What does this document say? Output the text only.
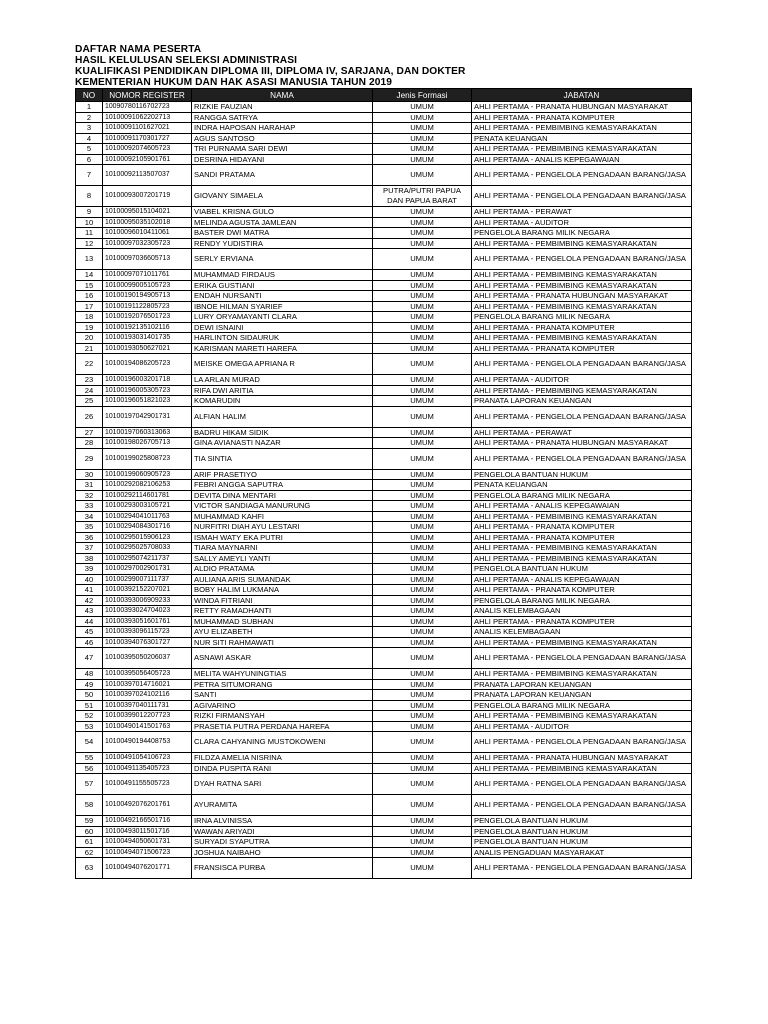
DAFTAR NAMA PESERTA
HASIL KELULUSAN SELEKSI ADMINISTRASI
KUALIFIKASI PENDIDIKAN DIPLOMA III, DIPLOMA IV, SARJANA, DAN DOKTER
KEMENTERIAN HUKUM DAN HAK ASASI MANUSIA TAHUN 2019
NO	NOMOR REGISTER	NAMA	Jenis Formasi	JABATAN
1	10090780116702723	RIZKIE FAUZIAN	UMUM	AHLI PERTAMA - PRANATA HUBUNGAN MASYARAKAT
2	10100091062202713	RANGGA SATRYA	UMUM	AHLI PERTAMA - PRANATA KOMPUTER
3	10100091101627021	INDRA HAPOSAN HARAHAP	UMUM	AHLI PERTAMA - PEMBIMBING KEMASYARAKATAN
4	10100091170301727	AGUS SANTOSO	UMUM	PENATA KEUANGAN
5	10100092074605723	TRI PURNAMA SARI DEWI	UMUM	AHLI PERTAMA - PEMBIMBING KEMASYARAKATAN
6	10100092105901761	DESRINA HIDAYANI	UMUM	AHLI PERTAMA - ANALIS KEPEGAWAIAN
7	10100092113507037	SANDI PRATAMA	UMUM	AHLI PERTAMA - PENGELOLA PENGADAAN BARANG/JASA
8	10100093007201719	GIOVANY SIMAELA	PUTRA/PUTRI PAPUA DAN PAPUA BARAT	AHLI PERTAMA - PENGELOLA PENGADAAN BARANG/JASA
9	10100095015104021	VIABEL KRISNA GULO	UMUM	AHLI PERTAMA - PERAWAT
10	10100095035102018	MELINDA AGUSTA JAMLEAN	UMUM	AHLI PERTAMA - AUDITOR
11	10100096010411061	BASTER DWI MATRA	UMUM	PENGELOLA BARANG MILIK NEGARA
12	10100097032305723	RENDY YUDISTIRA	UMUM	AHLI PERTAMA - PEMBIMBING KEMASYARAKATAN
13	10100097036605713	SERLY ERVIANA	UMUM	AHLI PERTAMA - PENGELOLA PENGADAAN BARANG/JASA
14	10100097071011761	MUHAMMAD FIRDAUS	UMUM	AHLI PERTAMA - PEMBIMBING KEMASYARAKATAN
15	10100099005105723	ERIKA GUSTIANI	UMUM	AHLI PERTAMA - PEMBIMBING KEMASYARAKATAN
16	10100190194905713	ENDAH NURSANTI	UMUM	AHLI PERTAMA - PRANATA HUBUNGAN MASYARAKAT
17	10100191122805723	IBNOE HILMAN SYARIEF	UMUM	AHLI PERTAMA - PEMBIMBING KEMASYARAKATAN
18	10100192076501723	LURY ORYAMAYANTI CLARA	UMUM	PENGELOLA BARANG MILIK NEGARA
19	10100192135102116	DEWI ISNAINI	UMUM	AHLI PERTAMA - PRANATA KOMPUTER
20	10100193031401735	HARLINTON SIDAURUK	UMUM	AHLI PERTAMA - PEMBIMBING KEMASYARAKATAN
21	10100193050627021	KARISMAN MARETI HAREFA	UMUM	AHLI PERTAMA - PRANATA KOMPUTER
22	10100194086205723	MEISKE OMEGA APRIANA R	UMUM	AHLI PERTAMA - PENGELOLA PENGADAAN BARANG/JASA
23	10100196003201718	LA ARLAN MURAD	UMUM	AHLI PERTAMA - AUDITOR
24	10100196005305723	RIFA DWI ARITIA	UMUM	AHLI PERTAMA - PEMBIMBING KEMASYARAKATAN
25	10100196051821023	KOMARUDIN	UMUM	PRANATA LAPORAN KEUANGAN
26	10100197042901731	ALFIAN HALIM	UMUM	AHLI PERTAMA - PENGELOLA PENGADAAN BARANG/JASA
27	10100197060313063	BADRU HIKAM SIDIK	UMUM	AHLI PERTAMA - PERAWAT
28	10100198026705713	GINA AVIANASTI NAZAR	UMUM	AHLI PERTAMA - PRANATA HUBUNGAN MASYARAKAT
29	10100199025808723	TIA SINTIA	UMUM	AHLI PERTAMA - PENGELOLA PENGADAAN BARANG/JASA
30	10100199060905723	ARIF PRASETIYO	UMUM	PENGELOLA BANTUAN HUKUM
31	10100292082106253	FEBRI ANGGA SAPUTRA	UMUM	PENATA KEUANGAN
32	10100292114601781	DEVITA DINA MENTARI	UMUM	PENGELOLA BARANG MILIK NEGARA
33	10100293003105721	VICTOR SANDIAGA MANURUNG	UMUM	AHLI PERTAMA - ANALIS KEPEGAWAIAN
34	10100294041011763	MUHAMMAD KAHFI	UMUM	AHLI PERTAMA - PEMBIMBING KEMASYARAKATAN
35	10100294084301716	NURFITRI DIAH AYU LESTARI	UMUM	AHLI PERTAMA - PRANATA KOMPUTER
36	10100295015906123	ISMAH WATY EKA PUTRI	UMUM	AHLI PERTAMA - PRANATA KOMPUTER
37	10100295025708033	TIARA MAYNARNI	UMUM	AHLI PERTAMA - PEMBIMBING KEMASYARAKATAN
38	10100295074211737	SALLY AMEYLI YANTI	UMUM	AHLI PERTAMA - PEMBIMBING KEMASYARAKATAN
39	10100297002901731	ALDIO PRATAMA	UMUM	PENGELOLA BANTUAN HUKUM
40	10100299007111737	AULIANA ARIS SUMANDAK	UMUM	AHLI PERTAMA - ANALIS KEPEGAWAIAN
41	10100392152207021	BOBY HALIM LUKMANA	UMUM	AHLI PERTAMA - PRANATA KOMPUTER
42	10100393006909233	WINDA FITRIANI	UMUM	PENGELOLA BARANG MILIK NEGARA
43	10100393024704023	RETTY RAMADHANTI	UMUM	ANALIS KELEMBAGAAN
44	10100393051601761	MUHAMMAD SUBHAN	UMUM	AHLI PERTAMA - PRANATA KOMPUTER
45	10100393096115723	AYU ELIZABETH	UMUM	ANALIS KELEMBAGAAN
46	10100394076301727	NUR SITI RAHMAWATI	UMUM	AHLI PERTAMA - PEMBIMBING KEMASYARAKATAN
47	10100395050206037	ASNAWI ASKAR	UMUM	AHLI PERTAMA - PENGELOLA PENGADAAN BARANG/JASA
48	10100395056405723	MELITA WAHYUNINGTIAS	UMUM	AHLI PERTAMA - PEMBIMBING KEMASYARAKATAN
49	10100397014716021	PETRA SITUMORANG	UMUM	PRANATA LAPORAN KEUANGAN
50	10100397024102116	SANTI	UMUM	PRANATA LAPORAN KEUANGAN
51	10100397040111731	AGIVARINO	UMUM	PENGELOLA BARANG MILIK NEGARA
52	10100399012207723	RIZKI FIRMANSYAH	UMUM	AHLI PERTAMA - PEMBIMBING KEMASYARAKATAN
53	10100490141501763	PRASETIA PUTRA PERDANA HAREFA	UMUM	AHLI PERTAMA - AUDITOR
54	10100490194408753	CLARA CAHYANING MUSTOKOWENI	UMUM	AHLI PERTAMA - PENGELOLA PENGADAAN BARANG/JASA
55	10100491054106723	FILDZA AMELIA NISRINA	UMUM	AHLI PERTAMA - PRANATA HUBUNGAN MASYARAKAT
56	10100491135405723	DINDA PUSPITA RANI	UMUM	AHLI PERTAMA - PEMBIMBING KEMASYARAKATAN
57	10100491155505723	DYAH RATNA SARI	UMUM	AHLI PERTAMA - PENGELOLA PENGADAAN BARANG/JASA
58	10100492076201761	AYURAMITA	UMUM	AHLI PERTAMA - PENGELOLA PENGADAAN BARANG/JASA
59	10100492166501716	IRNA ALVINISSA	UMUM	PENGELOLA BANTUAN HUKUM
60	10100493011501716	WAWAN ARIYADI	UMUM	PENGELOLA BANTUAN HUKUM
61	10100494050601731	SURYADI SYAPUTRA	UMUM	PENGELOLA BANTUAN HUKUM
62	10100494071506723	JOSHUA NAIBAHO	UMUM	ANALIS PENGADUAN MASYARAKAT
63	10100494076201771	FRANSISCA PURBA	UMUM	AHLI PERTAMA - PENGELOLA PENGADAAN BARANG/JASA
